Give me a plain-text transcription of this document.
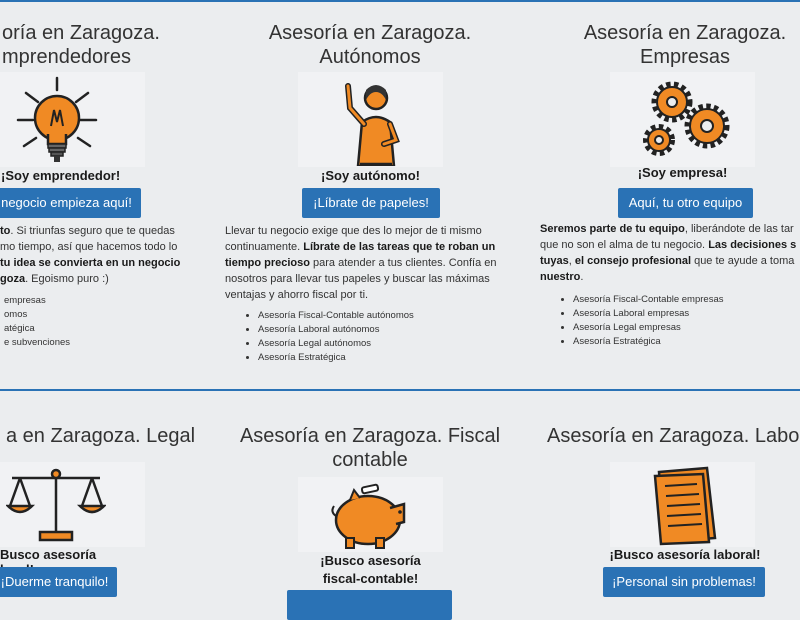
oría en Zaragoza.
mprendedores
¡Soy emprendedor!
negocio empieza aquí!

to. Si triunfas seguro que te quedas
mo tiempo, así que hacemos todo lo
tu idea se convierta en un negocio
goza. Egoismo puro :)

empresas
omos
atégica
e subvenciones
Asesoría en Zaragoza.
Autónomos
¡Soy autónomo!
¡Líbrate de papeles!

Llevar tu negocio exige que des lo mejor de ti mismo continuamente. Líbrate de las tareas que te roban un tiempo precioso para atender a tus clientes. Confía en nosotros para llevar tus papeles y buscar las máximas ventajas y ahorro fiscal por ti.

• Asesoría Fiscal-Contable autónomos
• Asesoría Laboral autónomos
• Asesoría Legal autónomos
• Asesoría Estratégica
Asesoría en Zaragoza.
Empresas
¡Soy empresa!
Aquí, tu otro equipo

Seremos parte de tu equipo, liberándote de las tar
que no son el alma de tu negocio. Las decisiones s
tuyas, el consejo profesional que te ayude a toma
nuestro.

• Asesoría Fiscal-Contable empresas
• Asesoría Laboral empresas
• Asesoría Legal empresas
• Asesoría Estratégica
a en Zaragoza. Legal
Busco asesoría
¡Duerme tranquilo!
Asesoría en Zaragoza. Fiscal
contable
¡Busco asesoría
fiscal-contable!
Asesoría en Zaragoza. Labo
¡Busco asesoría laboral!
¡Personal sin problemas!
